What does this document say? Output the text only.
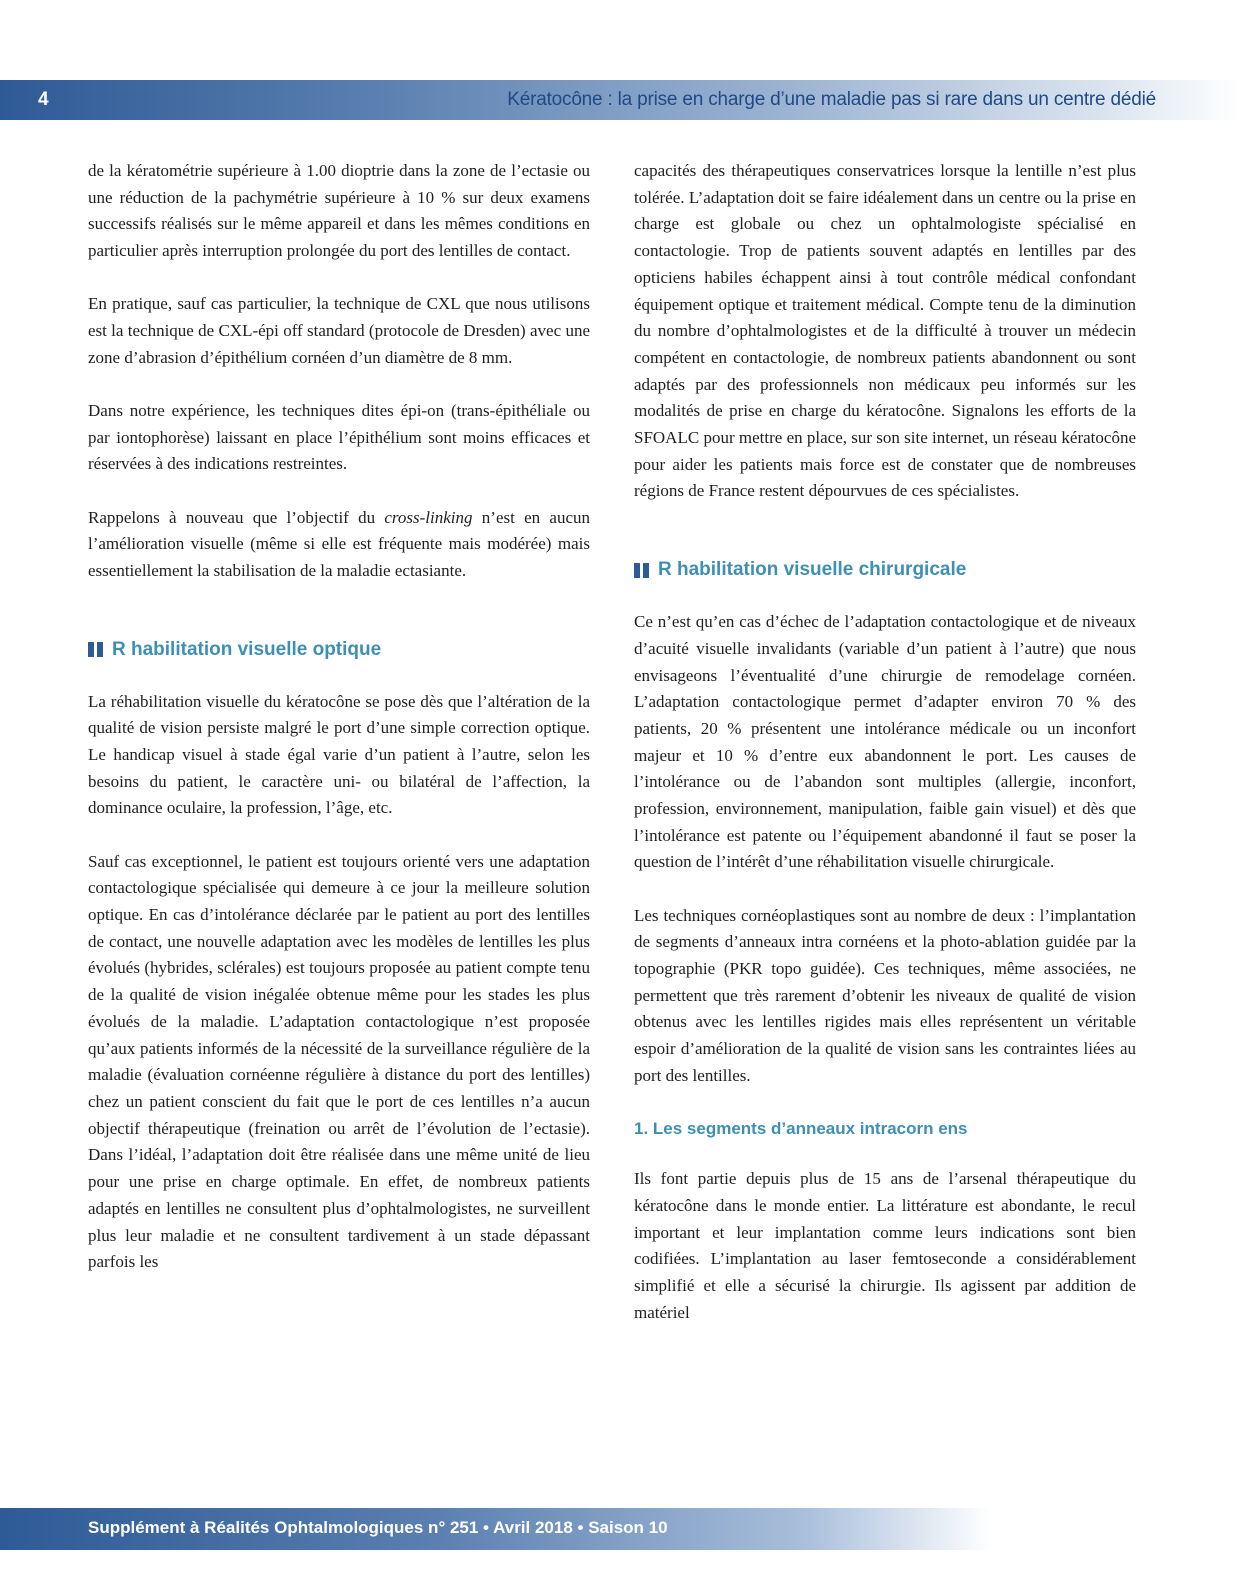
4	Kératocône : la prise en charge d’une maladie pas si rare dans un centre dédié

de la kératométrie supérieure à 1.00 dioptrie dans la zone de l’ectasie ou une réduction de la pachymétrie supérieure à 10 % sur deux examens successifs réalisés sur le même appareil et dans les mêmes conditions en particulier après interruption prolongée du port des lentilles de contact.

En pratique, sauf cas particulier, la technique de CXL que nous utilisons est la technique de CXL-épi off standard (protocole de Dresden) avec une zone d’abrasion d’épithélium cornéen d’un diamètre de 8 mm.

Dans notre expérience, les techniques dites épi-on (trans-épithéliale ou par iontophorèse) laissant en place l’épithélium sont moins efficaces et réservées à des indications restreintes.

Rappelons à nouveau que l’objectif du cross-linking n’est en aucun l’amélioration visuelle (même si elle est fréquente mais modérée) mais essentiellement la stabilisation de la maladie ectasiante.

R habilitation visuelle optique

La réhabilitation visuelle du kératocône se pose dès que l’altération de la qualité de vision persiste malgré le port d’une simple correction optique. Le handicap visuel à stade égal varie d’un patient à l’autre, selon les besoins du patient, le caractère uni- ou bilatéral de l’affection, la dominance oculaire, la profession, l’âge, etc.

Sauf cas exceptionnel, le patient est toujours orienté vers une adaptation contactologique spécialisée qui demeure à ce jour la meilleure solution optique. En cas d’intolérance déclarée par le patient au port des lentilles de contact, une nouvelle adaptation avec les modèles de lentilles les plus évolués (hybrides, sclérales) est toujours proposée au patient compte tenu de la qualité de vision inégalée obtenue même pour les stades les plus évolués de la maladie. L’adaptation contactologique n’est proposée qu’aux patients informés de la nécessité de la surveillance régulière de la maladie (évaluation cornéenne régulière à distance du port des lentilles) chez un patient conscient du fait que le port de ces lentilles n’a aucun objectif thérapeutique (freination ou arrêt de l’évolution de l’ectasie). Dans l’idéal, l’adaptation doit être réalisée dans une même unité de lieu pour une prise en charge optimale. En effet, de nombreux patients adaptés en lentilles ne consultent plus d’ophtalmologistes, ne surveillent plus leur maladie et ne consultent tardivement à un stade dépassant parfois les

capacités des thérapeutiques conservatrices lorsque la lentille n’est plus tolérée. L’adaptation doit se faire idéalement dans un centre ou la prise en charge est globale ou chez un ophtalmologiste spécialisé en contactologie. Trop de patients souvent adaptés en lentilles par des opticiens habiles échappent ainsi à tout contrôle médical confondant équipement optique et traitement médical. Compte tenu de la diminution du nombre d’ophtalmologistes et de la difficulté à trouver un médecin compétent en contactologie, de nombreux patients abandonnent ou sont adaptés par des professionnels non médicaux peu informés sur les modalités de prise en charge du kératocône. Signalons les efforts de la SFOALC pour mettre en place, sur son site internet, un réseau kératocône pour aider les patients mais force est de constater que de nombreuses régions de France restent dépourvues de ces spécialistes.

R habilitation visuelle chirurgicale

Ce n’est qu’en cas d’échec de l’adaptation contactologique et de niveaux d’acuité visuelle invalidants (variable d’un patient à l’autre) que nous envisageons l’éventualité d’une chirurgie de remodelage cornéen. L’adaptation contactologique permet d’adapter environ 70 % des patients, 20 % présentent une intolérance médicale ou un inconfort majeur et 10 % d’entre eux abandonnent le port. Les causes de l’intolérance ou de l’abandon sont multiples (allergie, inconfort, profession, environnement, manipulation, faible gain visuel) et dès que l’intolérance est patente ou l’équipement abandonné il faut se poser la question de l’intérêt d’une réhabilitation visuelle chirurgicale.

Les techniques cornéoplastiques sont au nombre de deux : l’implantation de segments d’anneaux intra cornéens et la photo-ablation guidée par la topographie (PKR topo guidée). Ces techniques, même associées, ne permettent que très rarement d’obtenir les niveaux de qualité de vision obtenus avec les lentilles rigides mais elles représentent un véritable espoir d’amélioration de la qualité de vision sans les contraintes liées au port des lentilles.

1. Les segments d’anneaux intracorn ens

Ils font partie depuis plus de 15 ans de l’arsenal thérapeutique du kératocône dans le monde entier. La littérature est abondante, le recul important et leur implantation comme leurs indications sont bien codifiées. L’implantation au laser femtoseconde a considérablement simplifié et elle a sécurisé la chirurgie. Ils agissent par addition de matériel

Supplément à Réalités Ophtalmologiques n° 251 • Avril 2018 • Saison 10
